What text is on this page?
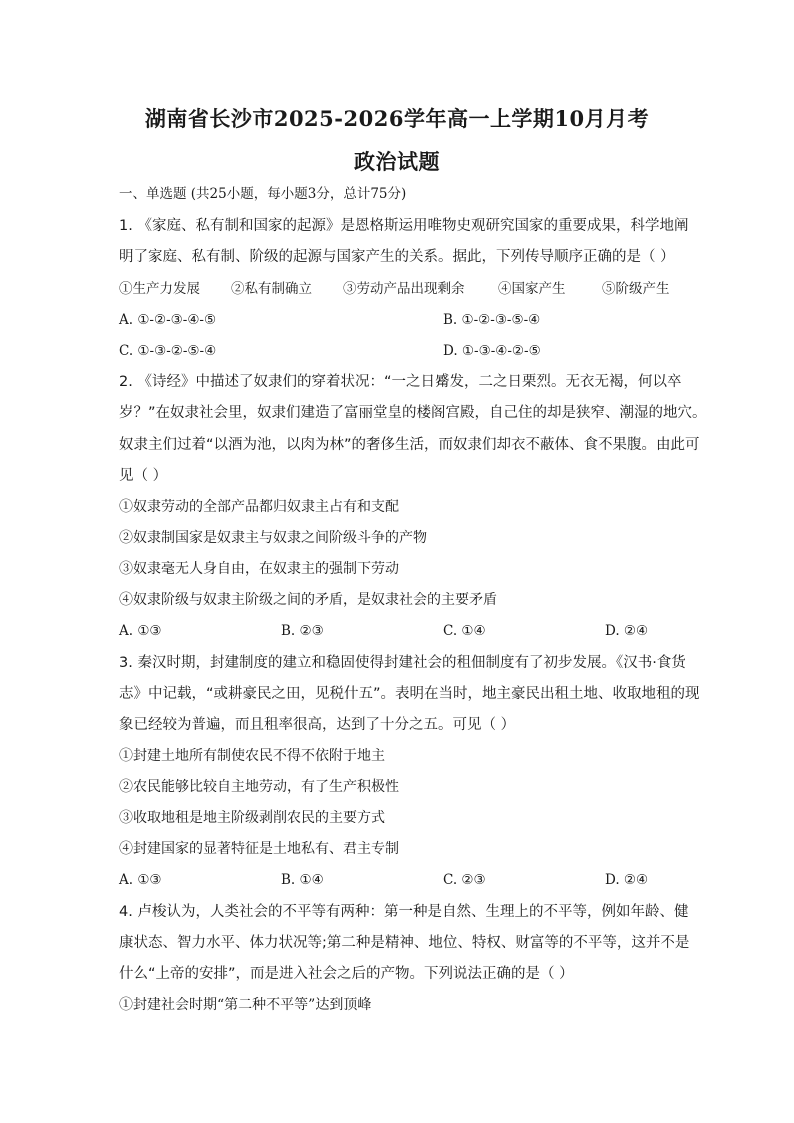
湖南省长沙市2025-2026学年高一上学期10月月考
政治试题
一、单选题 (共25小题，每小题3分，总计75分)
1. 《家庭、私有制和国家的起源》是恩格斯运用唯物史观研究国家的重要成果，科学地阐
明了家庭、私有制、阶级的起源与国家产生的关系。据此，下列传导顺序正确的是（ ）
①生产力发展 ②私有制确立 ③劳动产品出现剩余 ④国家产生	⑤阶级产生
A. ①-②-③-④-⑤	B. ①-②-③-⑤-④
C. ①-③-②-⑤-④	D. ①-③-④-②-⑤
2. 《诗经》中描述了奴隶们的穿着状况：“一之日觱发，二之日栗烈。无衣无褐，何以卒
岁？”在奴隶社会里，奴隶们建造了富丽堂皇的楼阁宫殿，自己住的却是狭窄、潮湿的地穴。
奴隶主们过着“以酒为池，以肉为林”的奢侈生活，而奴隶们却衣不蔽体、食不果腹。由此可
见（ ）
①奴隶劳动的全部产品都归奴隶主占有和支配
②奴隶制国家是奴隶主与奴隶之间阶级斗争的产物
③奴隶毫无人身自由，在奴隶主的强制下劳动
④奴隶阶级与奴隶主阶级之间的矛盾，是奴隶社会的主要矛盾
A. ①③	B. ②③	C. ①④	D. ②④
3. 秦汉时期，封建制度的建立和稳固使得封建社会的租佃制度有了初步发展。《汉书·食货
志》中记载，“或耕豪民之田，见税什五”。表明在当时，地主豪民出租土地、收取地租的现
象已经较为普遍，而且租率很高，达到了十分之五。可见（ ）
①封建土地所有制使农民不得不依附于地主
②农民能够比较自主地劳动，有了生产积极性
③收取地租是地主阶级剥削农民的主要方式
④封建国家的显著特征是土地私有、君主专制
A. ①③	B. ①④	C. ②③	D. ②④
4. 卢梭认为，人类社会的不平等有两种：第一种是自然、生理上的不平等，例如年龄、健
康状态、智力水平、体力状况等;第二种是精神、地位、特权、财富等的不平等，这并不是
什么“上帝的安排”，而是进入社会之后的产物。下列说法正确的是（ ）
①封建社会时期“第二种不平等”达到顶峰
